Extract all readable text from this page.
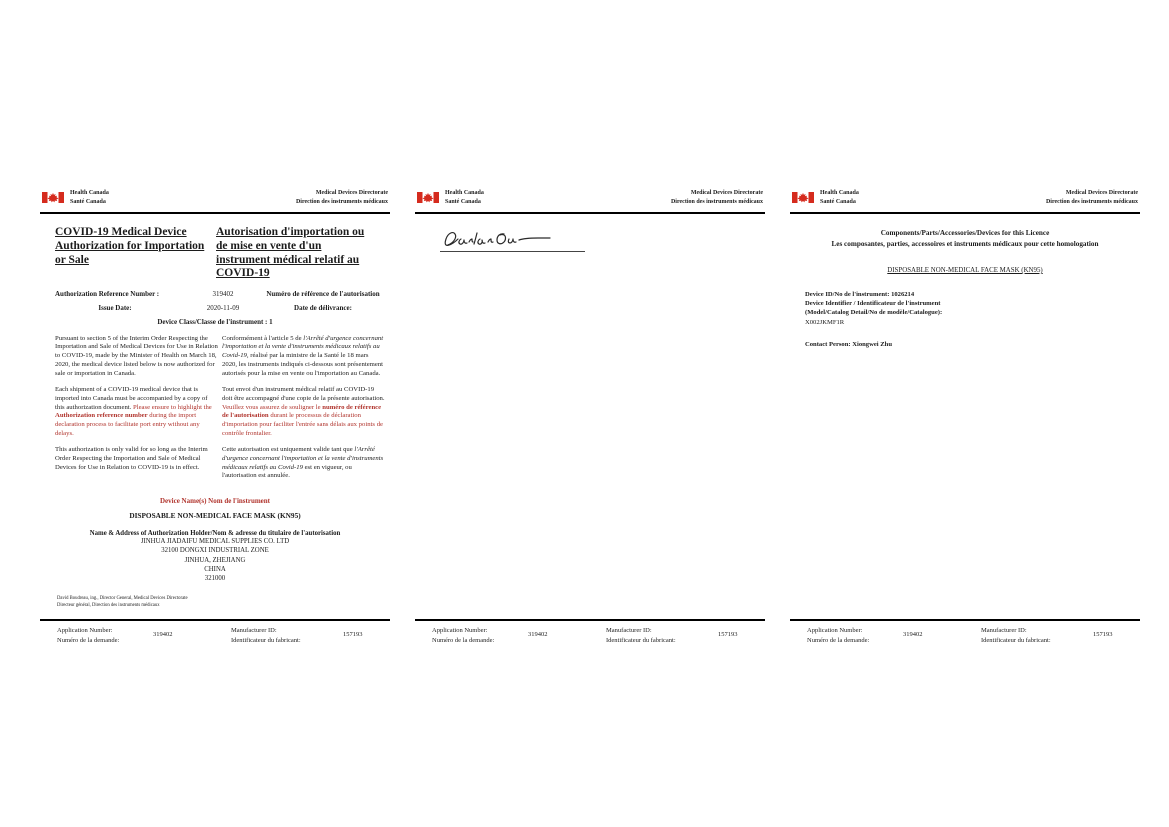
Health Canada
Santé Canada
Medical Devices Directorate
Direction des instruments médicaux
COVID-19 Medical Device Authorization for Importation or Sale
Autorisation d'importation ou de mise en vente d'un instrument médical relatif au COVID-19
Authorization Reference Number :	319402	Numéro de référence de l'autorisation
Issue Date:	2020-11-09	Date de délivrance:
Device Class/Classe de l'instrument : 1

Pursuant to section 5 of the Interim Order Respecting the Importation and Sale of Medical Devices for Use in Relation to COVID-19, made by the Minister of Health on March 18, 2020, the medical device listed below is now authorized for sale or importation in Canada.

Each shipment of a COVID-19 medical device that is imported into Canada must be accompanied by a copy of this authorization document. Please ensure to highlight the Authorization reference number during the import declaration process to facilitate port entry without any delays.

This authorization is only valid for so long as the Interim Order Respecting the Importation and Sale of Medical Devices for Use in Relation to COVID-19 is in effect.

Conformément à l'article 5 de l'Arrêté d'urgence concernant l'importation et la vente d'instruments médicaux relatifs au Covid-19, réalisé par la ministre de la Santé le 18 mars 2020, les instruments indiqués ci-dessous sont présentement autorisés pour la mise en vente ou l'importation au Canada.

Tout envoi d'un instrument médical relatif au COVID-19 doit être accompagné d'une copie de la présente autorisation. Veuillez vous assurez de souligner le numéro de référence de l'autorisation durant le processus de déclaration d'importation pour faciliter l'entrée sans délais aux points de contrôle frontalier.

Cette autorisation est uniquement valide tant que l'Arrêté d'urgence concernant l'importation et la vente d'instruments médicaux relatifs au Covid-19 est en vigueur, ou l'autorisation est annulée.

Device Name(s) Nom de l'instrument
DISPOSABLE NON-MEDICAL FACE MASK (KN95)
Name & Address of Authorization Holder/Nom & adresse du titulaire de l'autorisation
JINHUA JIADAIFU MEDICAL SUPPLIES CO. LTD
32100 DONGXI INDUSTRIAL ZONE
JINHUA, ZHEJIANG
CHINA
321000
David Boudreau, ing., Director General, Medical Devices Directorate
Directeur général, Direction des instruments médicaux
Application Number:
Numéro de la demande:
319402
Manufacturer ID:
Identificateur du fabricant:
157193
Health Canada
Santé Canada
Medical Devices Directorate
Direction des instruments médicaux
Application Number:
Numéro de la demande:
319402
Manufacturer ID:
Identificateur du fabricant:
157193
Health Canada
Santé Canada
Medical Devices Directorate
Direction des instruments médicaux
Components/Parts/Accessories/Devices for this Licence
Les composantes, parties, accessoires et instruments médicaux pour cette homologation
DISPOSABLE NON-MEDICAL FACE MASK (KN95)
Device ID/No de l'instrument: 1026214
Device Identifier / Identificateur de l'instrument
(Model/Catalog Detail/No de modèle/Catalogue):
X002JKMF1R
Contact Person: Xiongwei Zhu
Application Number:
Numéro de la demande:
319402
Manufacturer ID:
Identificateur du fabricant:
157193
